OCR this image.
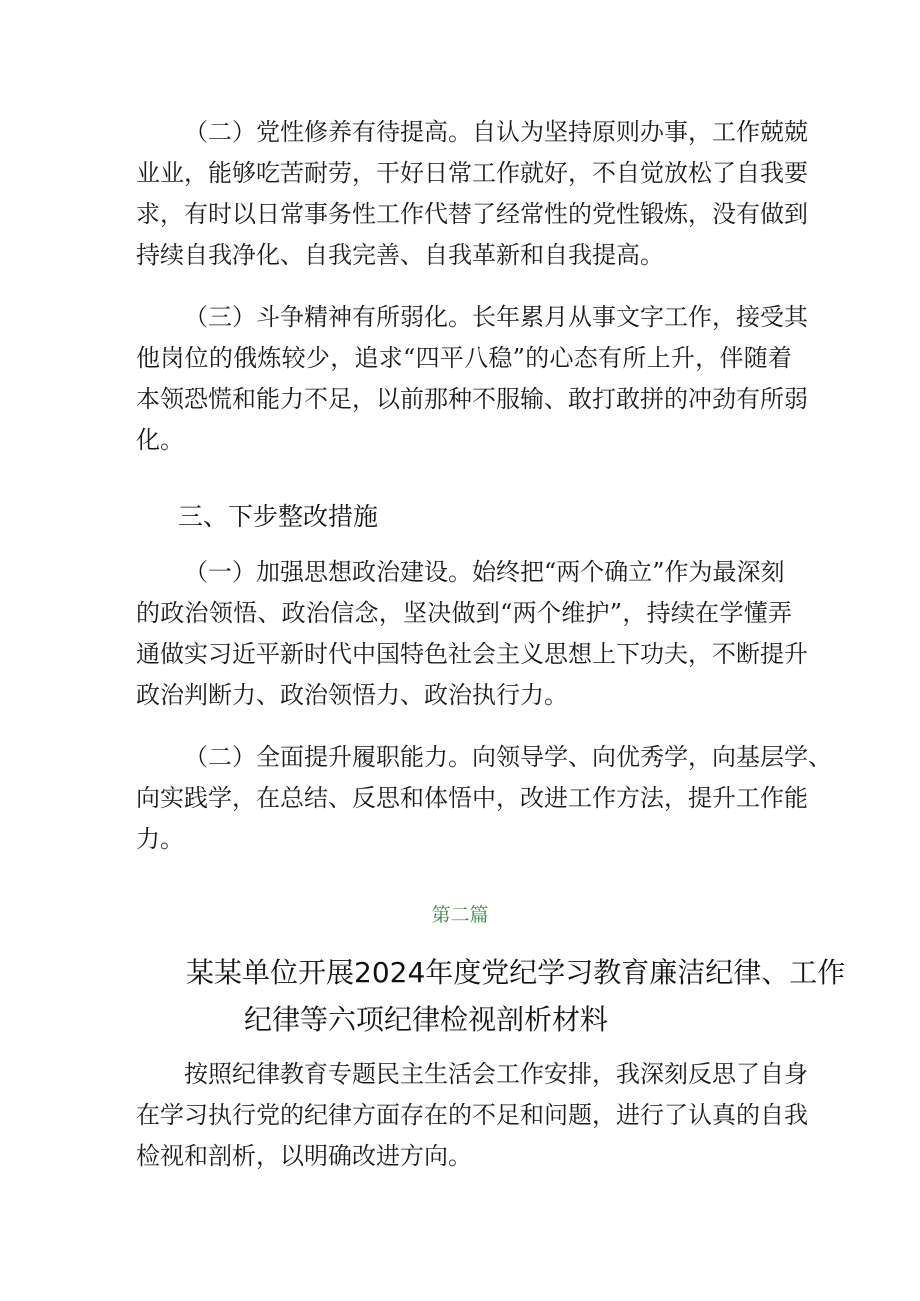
（二）党性修养有待提高。自认为坚持原则办事，工作兢兢
业业，能够吃苦耐劳，干好日常工作就好，不自觉放松了自我要
求，有时以日常事务性工作代替了经常性的党性锻炼，没有做到
持续自我净化、自我完善、自我革新和自我提高。
（三）斗争精神有所弱化。长年累月从事文字工作，接受其
他岗位的俄炼较少，追求“四平八稳”的心态有所上升，伴随着
本领恐慌和能力不足，以前那种不服输、敢打敢拼的冲劲有所弱
化。
三、下步整改措施
（一）加强思想政治建设。始终把“两个确立”作为最深刻
的政治领悟、政治信念，坚决做到“两个维护”，持续在学懂弄
通做实习近平新时代中国特色社会主义思想上下功夫，不断提升
政治判断力、政治领悟力、政治执行力。
（二）全面提升履职能力。向领导学、向优秀学，向基层学、
向实践学，在总结、反思和体悟中，改进工作方法，提升工作能
力。
第二篇
某某单位开展2024年度党纪学习教育廉洁纪律、工作
纪律等六项纪律检视剖析材料
按照纪律教育专题民主生活会工作安排，我深刻反思了自身
在学习执行党的纪律方面存在的不足和问题，进行了认真的自我
检视和剖析，以明确改进方向。
